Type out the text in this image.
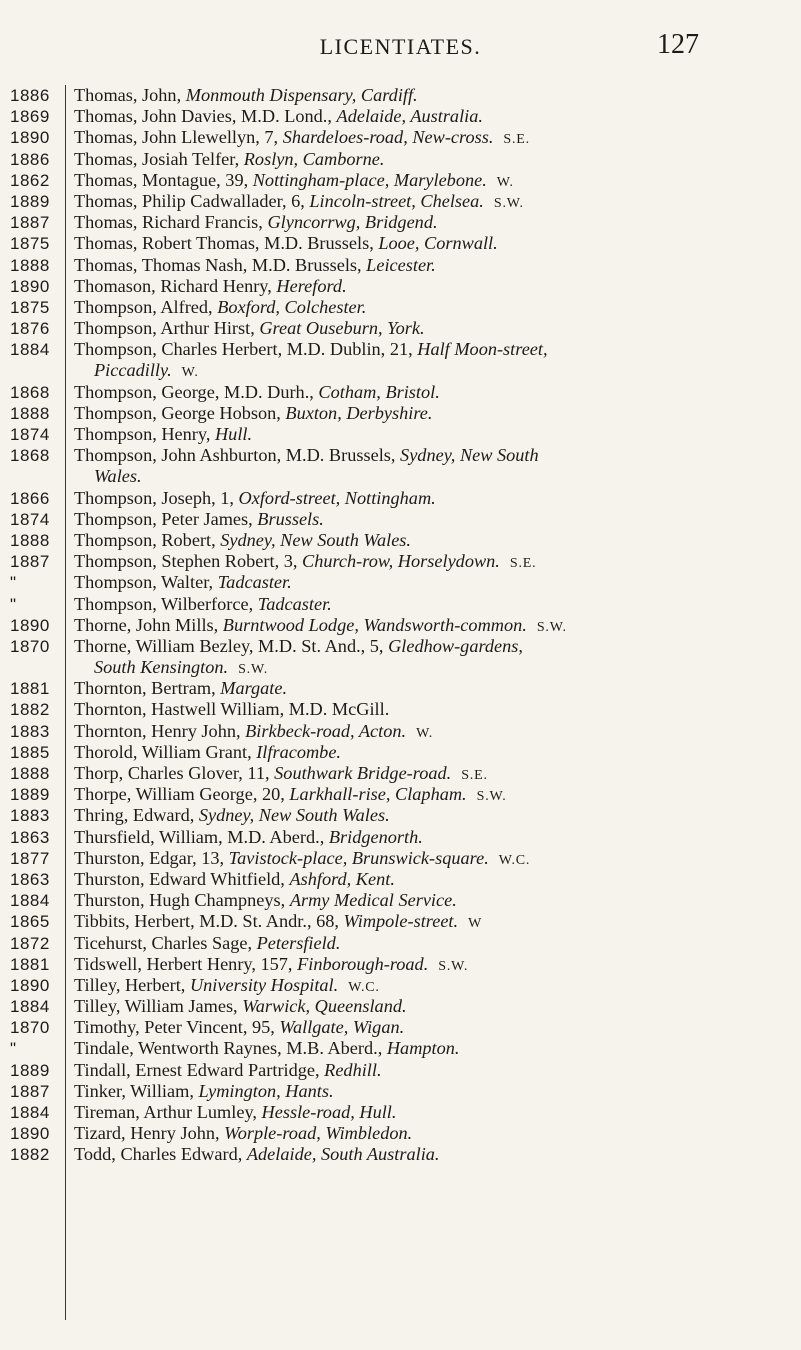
LICENTIATES.	127
1886	Thomas, John, Monmouth Dispensary, Cardiff.
1869	Thomas, John Davies, M.D. Lond., Adelaide, Australia.
1890	Thomas, John Llewellyn, 7, Shardeloes-road, New-cross. S.E.
1886	Thomas, Josiah Telfer, Roslyn, Camborne.
1862	Thomas, Montague, 39, Nottingham-place, Marylebone. W.
1889	Thomas, Philip Cadwallader, 6, Lincoln-street, Chelsea. S.W.
1887	Thomas, Richard Francis, Glyncorrwg, Bridgend.
1875	Thomas, Robert Thomas, M.D. Brussels, Looe, Cornwall.
1888	Thomas, Thomas Nash, M.D. Brussels, Leicester.
1890	Thomason, Richard Henry, Hereford.
1875	Thompson, Alfred, Boxford, Colchester.
1876	Thompson, Arthur Hirst, Great Ouseburn, York.
1884	Thompson, Charles Herbert, M.D. Dublin, 21, Half Moon-street,
Piccadilly. W.
1868	Thompson, George, M.D. Durh., Cotham, Bristol.
1888	Thompson, George Hobson, Buxton, Derbyshire.
1874	Thompson, Henry, Hull.
1868	Thompson, John Ashburton, M.D. Brussels, Sydney, New South
Wales.
1866	Thompson, Joseph, 1, Oxford-street, Nottingham.
1874	Thompson, Peter James, Brussels.
1888	Thompson, Robert, Sydney, New South Wales.
1887	Thompson, Stephen Robert, 3, Church-row, Horselydown. S.E.
"	Thompson, Walter, Tadcaster.
"	Thompson, Wilberforce, Tadcaster.
1890	Thorne, John Mills, Burntwood Lodge, Wandsworth-common. S.W.
1870	Thorne, William Bezley, M.D. St. And., 5, Gledhow-gardens,
South Kensington. S.W.
1881	Thornton, Bertram, Margate.
1882	Thornton, Hastwell William, M.D. McGill.
1883	Thornton, Henry John, Birkbeck-road, Acton. W.
1885	Thorold, William Grant, Ilfracombe.
1888	Thorp, Charles Glover, 11, Southwark Bridge-road. S.E.
1889	Thorpe, William George, 20, Larkhall-rise, Clapham. S.W.
1883	Thring, Edward, Sydney, New South Wales.
1863	Thursfield, William, M.D. Aberd., Bridgenorth.
1877	Thurston, Edgar, 13, Tavistock-place, Brunswick-square. W.C.
1863	Thurston, Edward Whitfield, Ashford, Kent.
1884	Thurston, Hugh Champneys, Army Medical Service.
1865	Tibbits, Herbert, M.D. St. Andr., 68, Wimpole-street. W
1872	Ticehurst, Charles Sage, Petersfield.
1881	Tidswell, Herbert Henry, 157, Finborough-road. S.W.
1890	Tilley, Herbert, University Hospital. W.C.
1884	Tilley, William James, Warwick, Queensland.
1870	Timothy, Peter Vincent, 95, Wallgate, Wigan.
"	Tindale, Wentworth Raynes, M.B. Aberd., Hampton.
1889	Tindall, Ernest Edward Partridge, Redhill.
1887	Tinker, William, Lymington, Hants.
1884	Tireman, Arthur Lumley, Hessle-road, Hull.
1890	Tizard, Henry John, Worple-road, Wimbledon.
1882	Todd, Charles Edward, Adelaide, South Australia.
